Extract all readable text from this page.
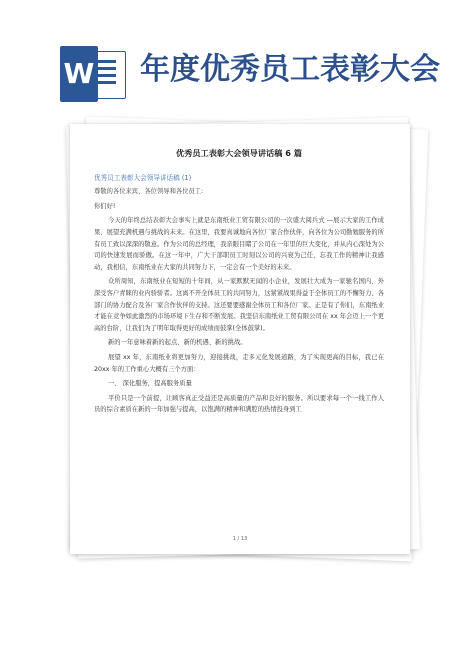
W 年度优秀员工表彰大会
优秀员工表彰大会领导讲话稿 6 篇
优秀员工表彰大会领导讲话稿 (1)

尊敬的各位来宾、各位领导和各位员工:

你们好!

今天的年终总结表彰大会事实上就是东南纸业工贸有限公司的一次盛大阅兵式 —展示大家的工作成果、展望充满机遇与挑战的未来。在这里，我要真诚地向各位厂家合作伙伴，向各位为公司勤勉服务的所有员工致以深深的敬意。作为公司的总经理，我亲眼目睹了公司在一年里的巨大变化，并从内心深处为公司的快速发展而骄傲。在这一年中，广大干部职员工时刻以公司的兴衰为己任，忘我工作的精神让我感动，我相信，东南纸业在大家的共同努力下，一定会有一个美好的未来。

众所周知，东南纸业在短短的十年间，从一家默默无闻的小企业，发展壮大成为一家驰名国内、外深受客户青睐的业内骄骄者。这离不开全体员工的共同努力，这紧紧战果得益于全体员工的不懈努力、各部门的协力配合及各厂家合作伙伴的支持。这还要要感谢全体员工和各位厂家。正是有了你们，东南纸业才能在竞争如此激烈的市场环境下生存和不断发展。我坚信东南纸业工贸有限公司在 xx 年会迈上一个更高的台阶，让我们为了明年取得更好的成绩而鼓掌(全体鼓掌)。

新的一年意味着新的起点、新的机遇、新的挑战。

展望 xx 年，东南纸业将更加努力，迎接挑战，走多元化发展道路，为了实现更高的目标，我已在 20xx 年的工作重心大概有三个方面：

一、 深化服务，提高服务质量

平价只是一个前提，让顾客真正受益还是高质量的产品和良好的服务。所以要求每一个一线工作人员的综合素质在新的一年加强与提高，以饱满的精神和满腔的热情投身到工

1 / 13
